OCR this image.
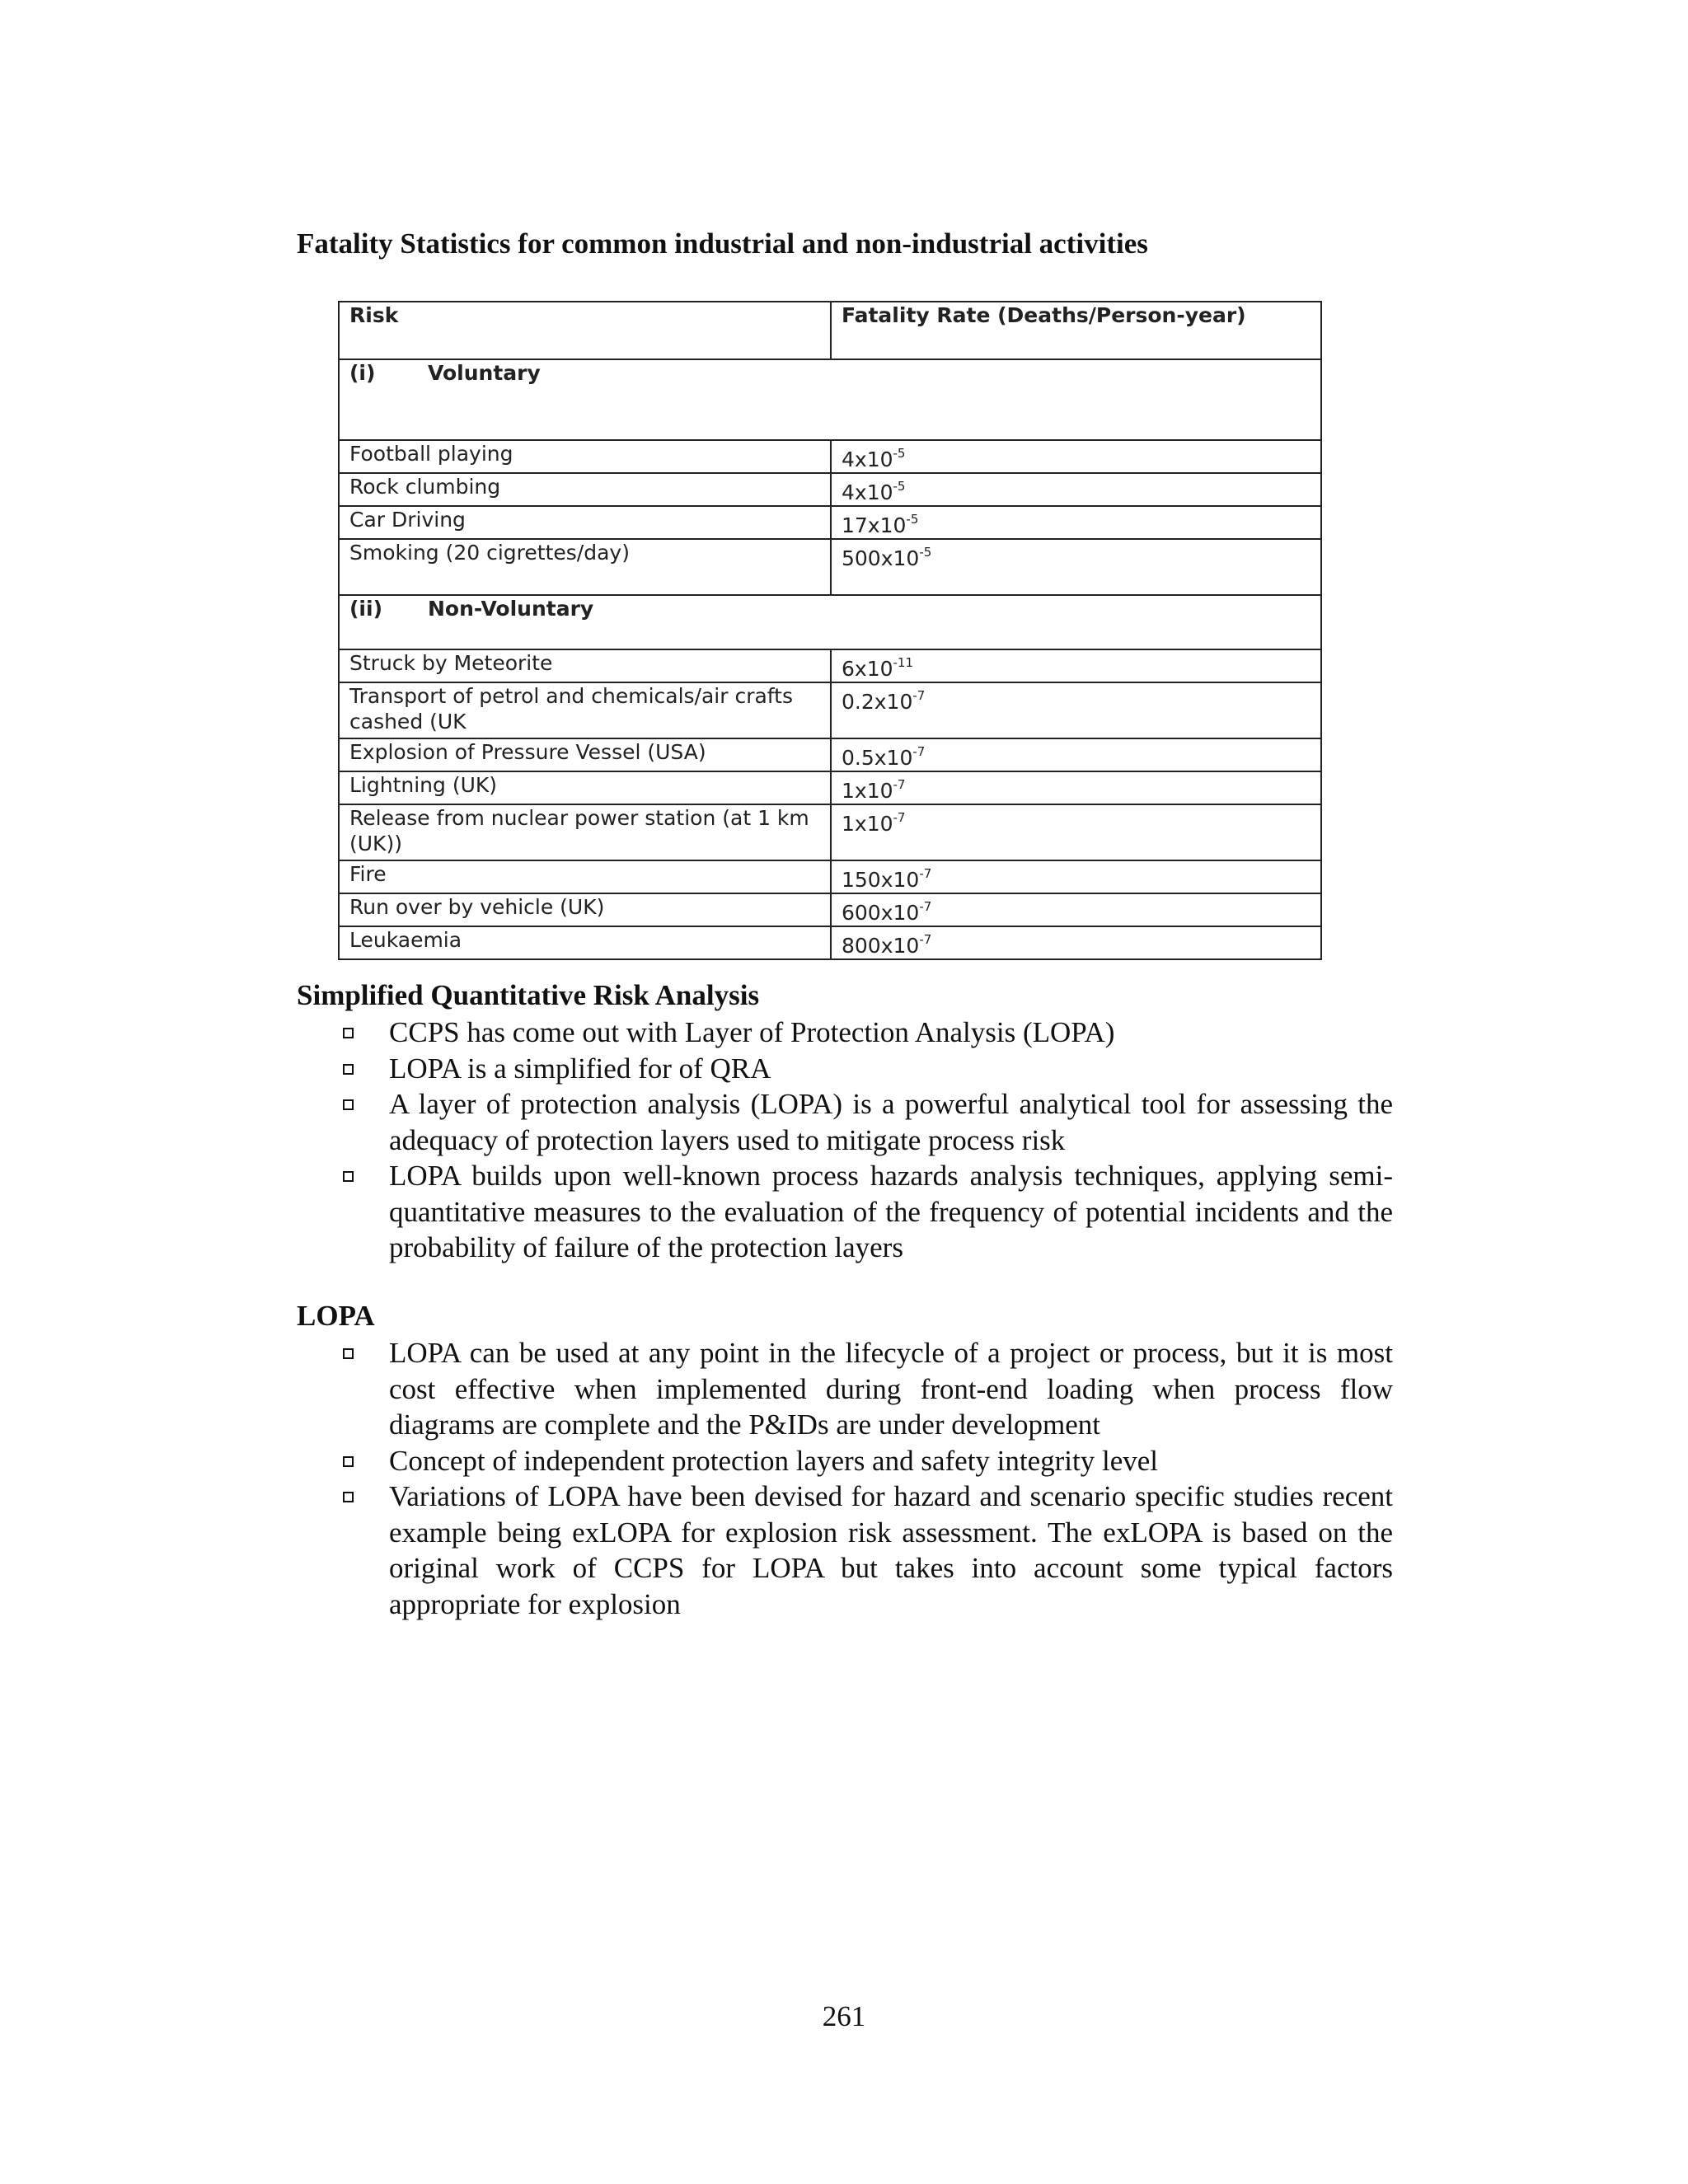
Fatality Statistics for common industrial and non-industrial activities
Risk	Fatality Rate (Deaths/Person-year)
(i) Voluntary	
Football playing	$4x10^{-5}$
Rock clumbing	$4x10^{-5}$
Car Driving	$17x10^{-5}$
Smoking (20 cigrettes/day)	$500x10^{-5}$
(ii) Non-Voluntary	
Struck by Meteorite	$6x10^{-11}$
Transport of petrol and chemicals/air crafts cashed (UK	$0.2x10^{-7}$
Explosion of Pressure Vessel (USA)	$0.5x10^{-7}$
Lightning (UK)	$1x10^{-7}$
Release from nuclear power station (at 1 km (UK))	$1x10^{-7}$
Fire	$150x10^{-7}$
Run over by vehicle (UK)	$600x10^{-7}$
Leukaemia	$800x10^{-7}$
Simplified Quantitative Risk Analysis
CCPS has come out with Layer of Protection Analysis (LOPA)
LOPA is a simplified for of QRA
A layer of protection analysis (LOPA) is a powerful analytical tool for assessing the adequacy of protection layers used to mitigate process risk
LOPA builds upon well-known process hazards analysis techniques, applying semi-quantitative measures to the evaluation of the frequency of potential incidents and the probability of failure of the protection layers
LOPA
LOPA can be used at any point in the lifecycle of a project or process, but it is most cost effective when implemented during front-end loading when process flow diagrams are complete and the P&IDs are under development
Concept of independent protection layers and safety integrity level
Variations of LOPA have been devised for hazard and scenario specific studies recent example being exLOPA for explosion risk assessment. The exLOPA is based on the original work of CCPS for LOPA but takes into account some typical factors appropriate for explosion
261
